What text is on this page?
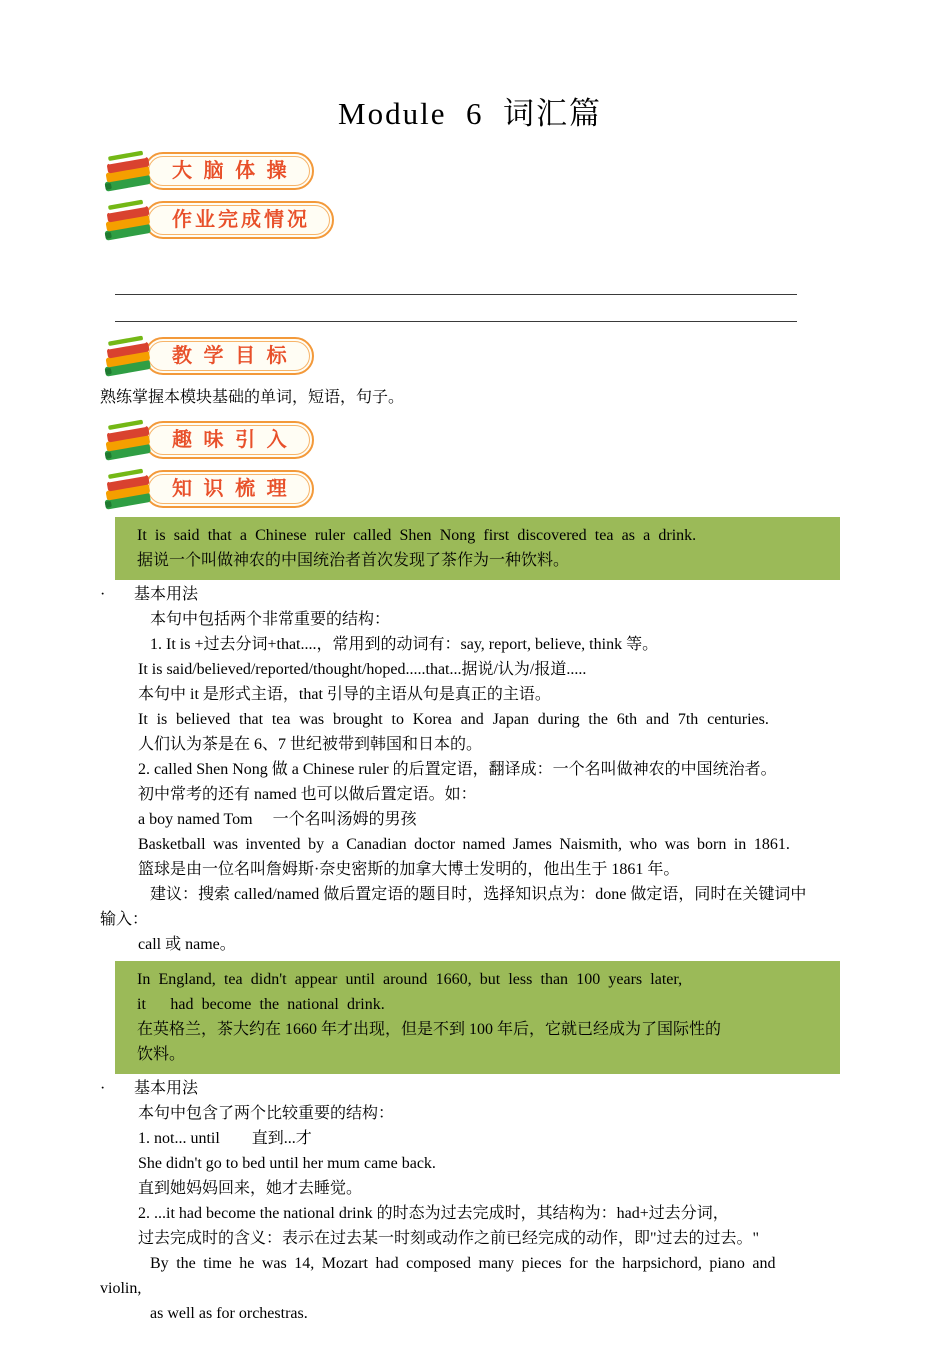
Module  6  词汇篇
大 脑 体 操
作业完成情况
教 学 目 标
熟练掌握本模块基础的单词，短语，句子。
趣 味 引 入
知 识 梳 理
It is said that a Chinese ruler called Shen Nong first discovered tea as a drink.
据说一个叫做神农的中国统治者首次发现了茶作为一种饮料。
· 基本用法
本句中包括两个非常重要的结构：
1. It is +过去分词+that....，常用到的动词有：say, report, believe, think 等。
It is said/believed/reported/thought/hoped.....that...据说/认为/报道.....
本句中 it 是形式主语，that 引导的主语从句是真正的主语。
It is believed that tea was brought to Korea and Japan during the 6th and 7th centuries.
人们认为茶是在 6、7 世纪被带到韩国和日本的。
2. called Shen Nong 做 a Chinese ruler 的后置定语，翻译成：一个名叫做神农的中国统治者。
初中常考的还有 named 也可以做后置定语。如：
a boy named Tom　 一个名叫汤姆的男孩
Basketball was invented by a Canadian doctor named James Naismith, who was born in 1861.
篮球是由一位名叫詹姆斯·奈史密斯的加拿大博士发明的，他出生于 1861 年。
建议：搜索 called/named 做后置定语的题目时，选择知识点为：done 做定语，同时在关键词中
输入：
call 或 name。
In England, tea didn't appear until around 1660, but less than 100 years later,
it   had become the national drink.
在英格兰，茶大约在 1660 年才出现，但是不到 100 年后，它就已经成为了国际性的
饮料。
· 基本用法
本句中包含了两个比较重要的结构：
1. not... until　　直到...才
She didn't go to bed until her mum came back.
直到她妈妈回来，她才去睡觉。
2. ...it had become the national drink 的时态为过去完成时，其结构为：had+过去分词，
过去完成时的含义：表示在过去某一时刻或动作之前已经完成的动作，即"过去的过去。"
By the time he was 14, Mozart had composed many pieces for the harpsichord, piano and
violin,
as well as for orchestras.
